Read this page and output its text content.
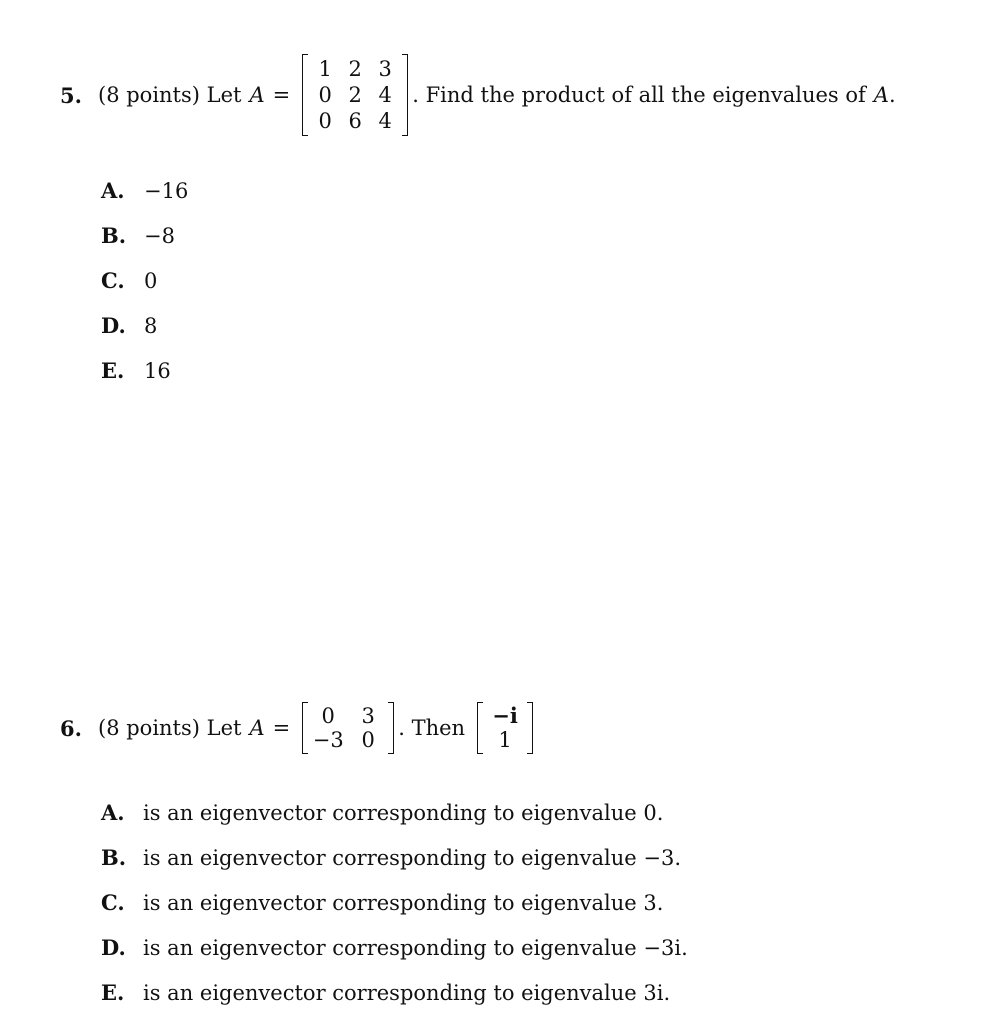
5. (8 points) Let A =
1 2 3
0 2 4
0 6 4
. Find the product of all the eigenvalues of A .
A. −16
B. −8
C. 0
D. 8
E. 16
6. (8 points) Let A =	0	3
−3 0	. Then	−i
1
A. is an eigenvector corresponding to eigenvalue 0.
B. is an eigenvector corresponding to eigenvalue −3.
C. is an eigenvector corresponding to eigenvalue 3.
D. is an eigenvector corresponding to eigenvalue −3i.
E. is an eigenvector corresponding to eigenvalue 3i.
